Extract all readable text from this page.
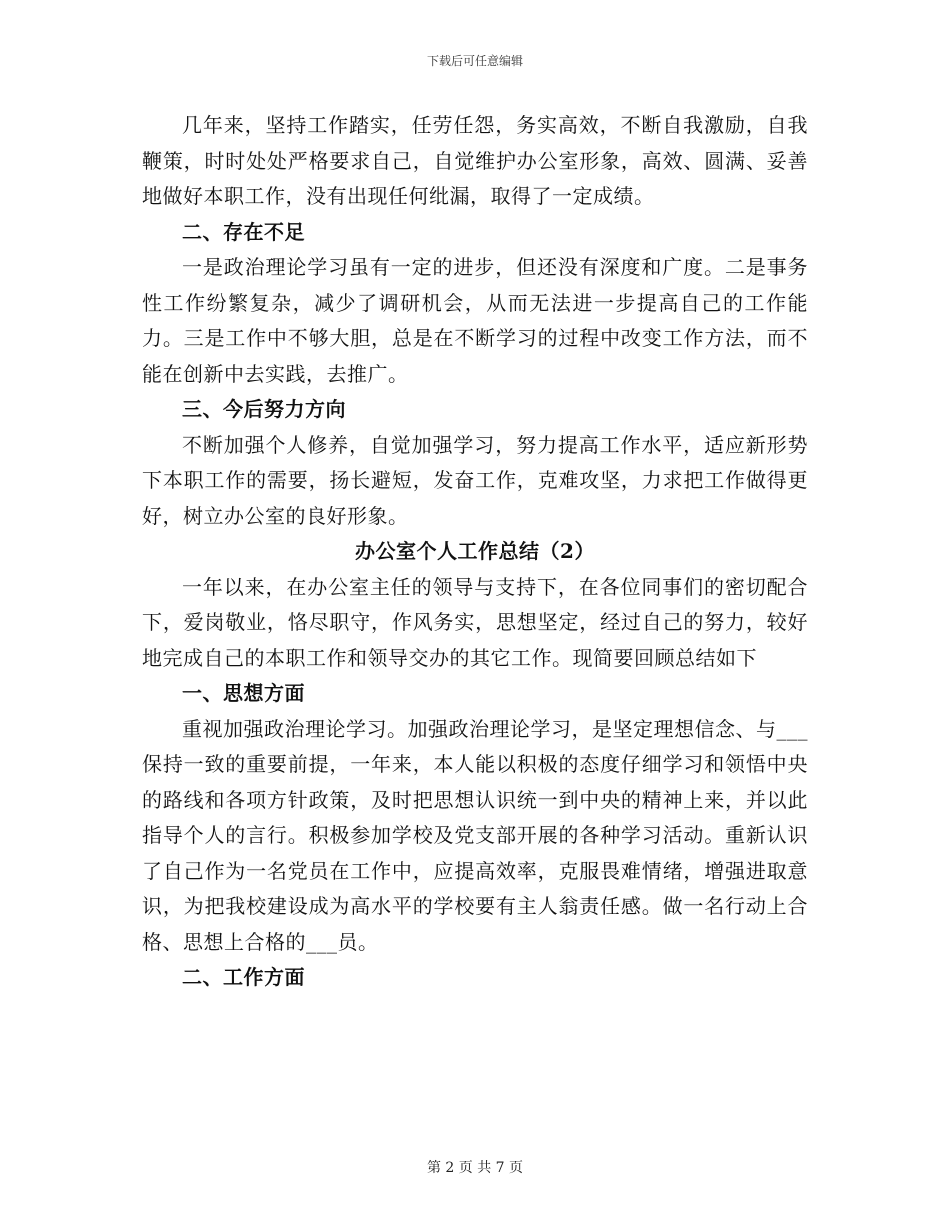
下载后可任意编辑

几年来，坚持工作踏实，任劳任怨，务实高效，不断自我激励，自我鞭策，时时处处严格要求自己，自觉维护办公室形象，高效、圆满、妥善地做好本职工作，没有出现任何纰漏，取得了一定成绩。

二、存在不足

一是政治理论学习虽有一定的进步，但还没有深度和广度。二是事务性工作纷繁复杂，减少了调研机会，从而无法进一步提高自己的工作能力。三是工作中不够大胆，总是在不断学习的过程中改变工作方法，而不能在创新中去实践，去推广。

三、今后努力方向

不断加强个人修养，自觉加强学习，努力提高工作水平，适应新形势下本职工作的需要，扬长避短，发奋工作，克难攻坚，力求把工作做得更好，树立办公室的良好形象。

办公室个人工作总结（2）

一年以来，在办公室主任的领导与支持下，在各位同事们的密切配合下，爱岗敬业，恪尽职守，作风务实，思想坚定，经过自己的努力，较好地完成自己的本职工作和领导交办的其它工作。现简要回顾总结如下

一、思想方面

重视加强政治理论学习。加强政治理论学习，是坚定理想信念、与___保持一致的重要前提，一年来，本人能以积极的态度仔细学习和领悟中央的路线和各项方针政策，及时把思想认识统一到中央的精神上来，并以此指导个人的言行。积极参加学校及党支部开展的各种学习活动。重新认识了自己作为一名党员在工作中，应提高效率，克服畏难情绪，增强进取意识，为把我校建设成为高水平的学校要有主人翁责任感。做一名行动上合格、思想上合格的___员。

二、工作方面

第 2 页 共 7 页
